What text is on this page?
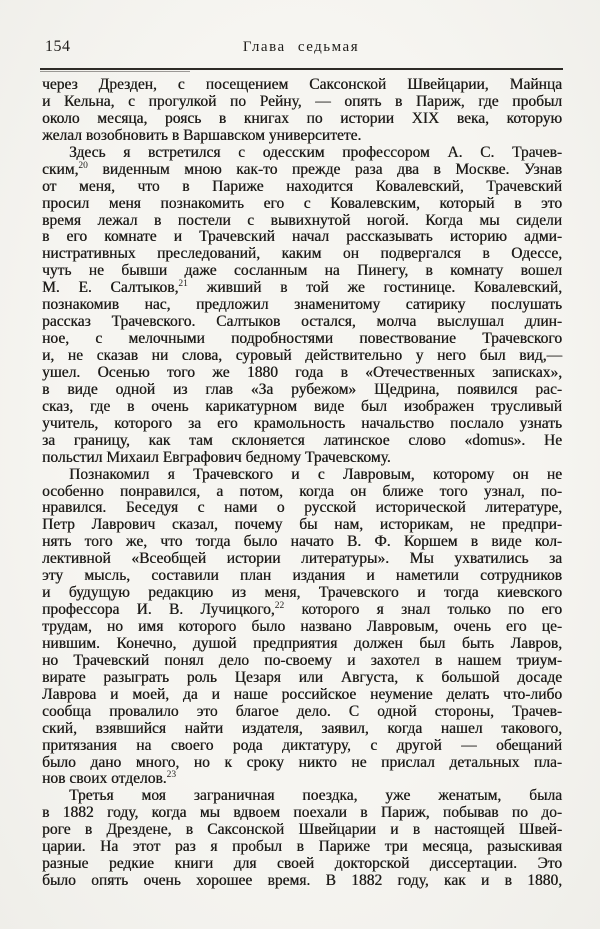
154	Глава седьмая
через Дрезден, с посещением Саксонской Швейцарии, Майнца
и Кельна, с прогулкой по Рейну, — опять в Париж, где пробыл
около месяца, роясь в книгах по истории XIX века, которую
желал возобновить в Варшавском университете.
Здесь я встретился с одесским профессором А. С. Трачев-
ским,$^{20}$ виденным мною как-то прежде раза два в Москве. Узнав
от меня, что в Париже находится Ковалевский, Трачевский
просил меня познакомить его с Ковалевским, который в это
время лежал в постели с вывихнутой ногой. Когда мы сидели
в его комнате и Трачевский начал рассказывать историю адми-
нистративных преследований, каким он подвергался в Одессе,
чуть не бывши даже сосланным на Пинегу, в комнату вошел
М. Е. Салтыков,$^{21}$ живший в той же гостинице. Ковалевский,
познакомив нас, предложил знаменитому сатирику послушать
рассказ Трачевского. Салтыков остался, молча выслушал длин-
ное, с мелочными подробностями повествование Трачевского
и, не сказав ни слова, суровый действительно у него был вид,—
ушел. Осенью того же 1880 года в «Отечественных записках»,
в виде одной из глав «За рубежом» Щедрина, появился рас-
сказ, где в очень карикатурном виде был изображен трусливый
учитель, которого за его крамольность начальство послало узнать
за границу, как там склоняется латинское слово «domus». Не
польстил Михаил Евграфович бедному Трачевскому.
Познакомил я Трачевского и с Лавровым, которому он не
особенно понравился, а потом, когда он ближе того узнал, по-
нравился. Беседуя с нами о русской исторической литературе,
Петр Лаврович сказал, почему бы нам, историкам, не предпри-
нять того же, что тогда было начато В. Ф. Коршем в виде кол-
лективной «Всеобщей истории литературы». Мы ухватились за
эту мысль, составили план издания и наметили сотрудников
и будущую редакцию из меня, Трачевского и тогда киевского
профессора И. В. Лучицкого,$^{22}$ которого я знал только по его
трудам, но имя которого было названо Лавровым, очень его це-
нившим. Конечно, душой предприятия должен был быть Лавров,
но Трачевский понял дело по-своему и захотел в нашем триум-
вирате разыграть роль Цезаря или Августа, к большой досаде
Лаврова и моей, да и наше российское неумение делать что-либо
сообща провалило это благое дело. С одной стороны, Трачев-
ский, взявшийся найти издателя, заявил, когда нашел такового,
притязания на своего рода диктатуру, с другой — обещаний
было дано много, но к сроку никто не прислал детальных пла-
нов своих отделов.$^{23}$
Третья моя заграничная поездка, уже женатым, была
в 1882 году, когда мы вдвоем поехали в Париж, побывав по до-
роге в Дрездене, в Саксонской Швейцарии и в настоящей Швей-
царии. На этот раз я пробыл в Париже три месяца, разыскивая
разные редкие книги для своей докторской диссертации. Это
было опять очень хорошее время. В 1882 году, как и в 1880,
